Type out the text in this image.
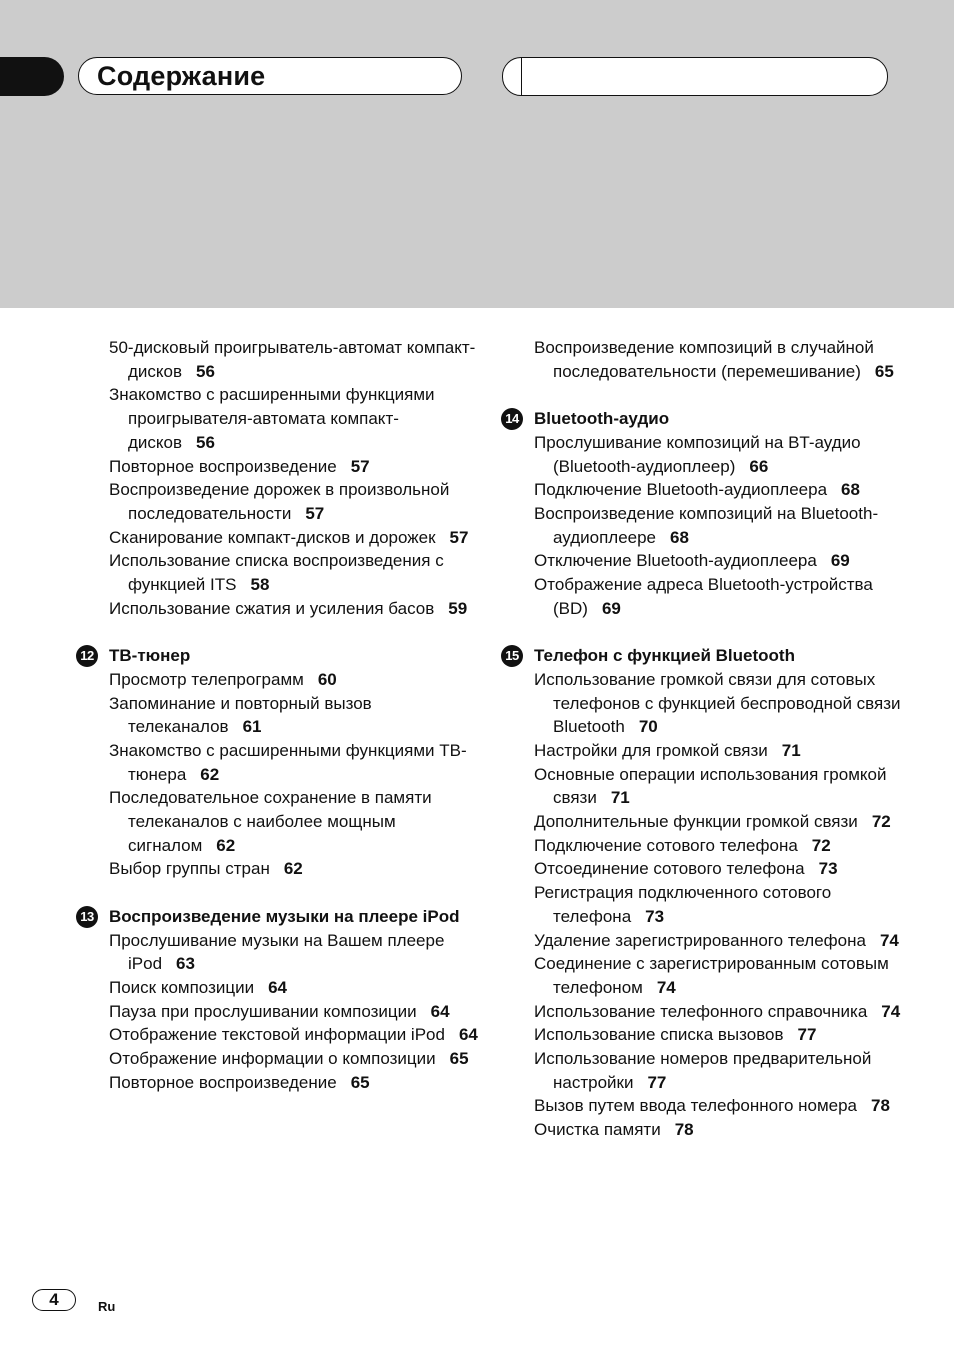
Содержание

50-дисковый проигрыватель-автомат компакт-дисков 56

Знакомство с расширенными функциями проигрывателя-автомата компакт-дисков 56

Повторное воспроизведение 57

Воспроизведение дорожек в произвольной последовательности 57

Сканирование компакт-дисков и дорожек 57

Использование списка воспроизведения с функцией ITS 58

Использование сжатия и усиления басов 59

12 ТВ-тюнер

Просмотр телепрограмм 60

Запоминание и повторный вызов телеканалов 61

Знакомство с расширенными функциями ТВ-тюнера 62

Последовательное сохранение в памяти телеканалов с наиболее мощным сигналом 62

Выбор группы стран 62

13 Воспроизведение музыки на плеере iPod

Прослушивание музыки на Вашем плеере iPod 63

Поиск композиции 64

Пауза при прослушивании композиции 64

Отображение текстовой информации iPod 64

Отображение информации о композиции 65

Повторное воспроизведение 65

Воспроизведение композиций в случайной последовательности (перемешивание) 65

14 Bluetooth-аудио

Прослушивание композиций на BT-аудио (Bluetooth-аудиоплеер) 66

Подключение Bluetooth-аудиоплеера 68

Воспроизведение композиций на Bluetooth-аудиоплеере 68

Отключение Bluetooth-аудиоплеера 69

Отображение адреса Bluetooth-устройства (BD) 69

15 Телефон с функцией Bluetooth

Использование громкой связи для сотовых телефонов с функцией беспроводной связи Bluetooth 70

Настройки для громкой связи 71

Основные операции использования громкой связи 71

Дополнительные функции громкой связи 72

Подключение сотового телефона 72

Отсоединение сотового телефона 73

Регистрация подключенного сотового телефона 73

Удаление зарегистрированного телефона 74

Соединение с зарегистрированным сотовым телефоном 74

Использование телефонного справочника 74

Использование списка вызовов 77

Использование номеров предварительной настройки 77

Вызов путем ввода телефонного номера 78

Очистка памяти 78

4	Ru
